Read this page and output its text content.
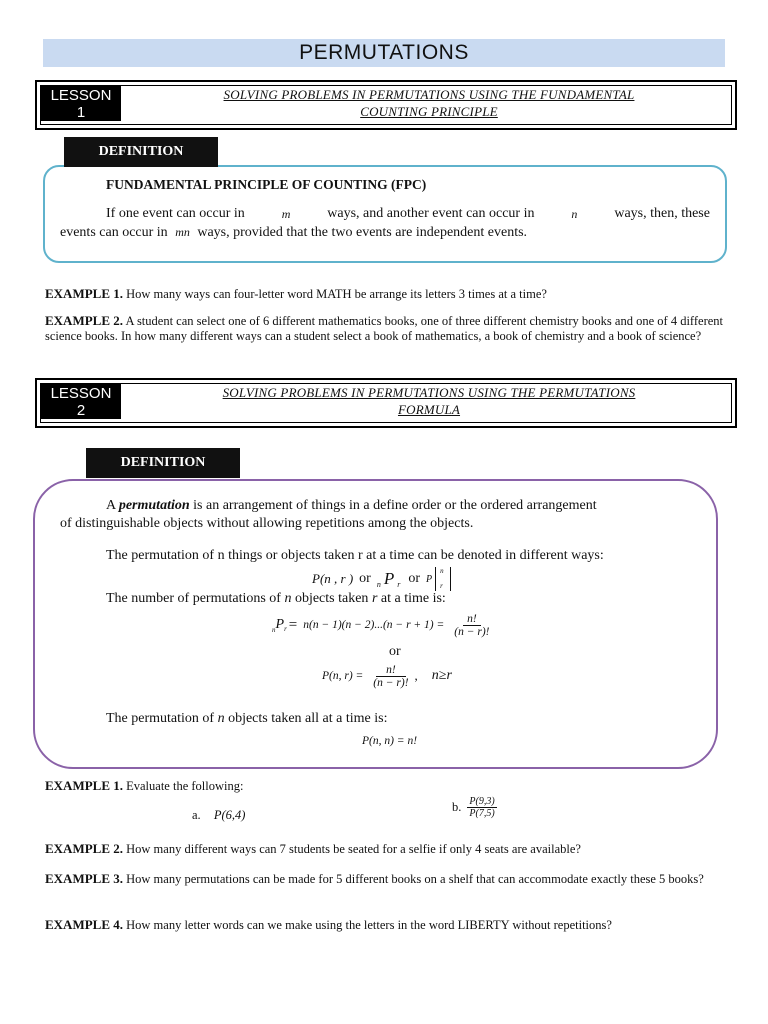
PERMUTATIONS
LESSON
1
SOLVING PROBLEMS IN PERMUTATIONS USING THE FUNDAMENTAL
COUNTING PRINCIPLE
DEFINITION
FUNDAMENTAL PRINCIPLE OF COUNTING (FPC)
If one event can occur in	m	ways, and another event can occur in	n	ways, then, these
events can occur in mn ways, provided that the two events are independent events.
EXAMPLE 1. How many ways can four-letter word MATH be arrange its letters 3 times at a time?
EXAMPLE 2. A student can select one of 6 different mathematics books, one of three different chemistry books and one of 4 different science books. In how many different ways can a student select a book of mathematics, a book of chemistry and a book of science?
LESSON
2
SOLVING PROBLEMS IN PERMUTATIONS USING THE PERMUTATIONS
FORMULA
DEFINITION
A permutation is an arrangement of things in a define order or the ordered arrangement
of distinguishable objects without allowing repetitions among the objects.
The permutation of n things or objects taken r at a time can be denoted in different ways:
P(n , r ) or n P r or P
n
r
The number of permutations of n objects taken r at a time is:
n P $r = n(n - 1)(n - 2)...(n - r + 1) = \frac{n!}{(n - r)!}$
or
P(n, $r) = \frac{n!}{(n - r)!}$ , n≥r
The permutation of n objects taken all at a time is:
P(n, n) = n!
EXAMPLE 1. Evaluate the following:
a. P(6,4)
b. $\frac{P(9,3)}{P(7,5)}$
EXAMPLE 2. How many different ways can 7 students be seated for a selfie if only 4 seats are available?
EXAMPLE 3. How many permutations can be made for 5 different books on a shelf that can accommodate exactly these 5 books?
EXAMPLE 4. How many letter words can we make using the letters in the word LIBERTY without repetitions?
